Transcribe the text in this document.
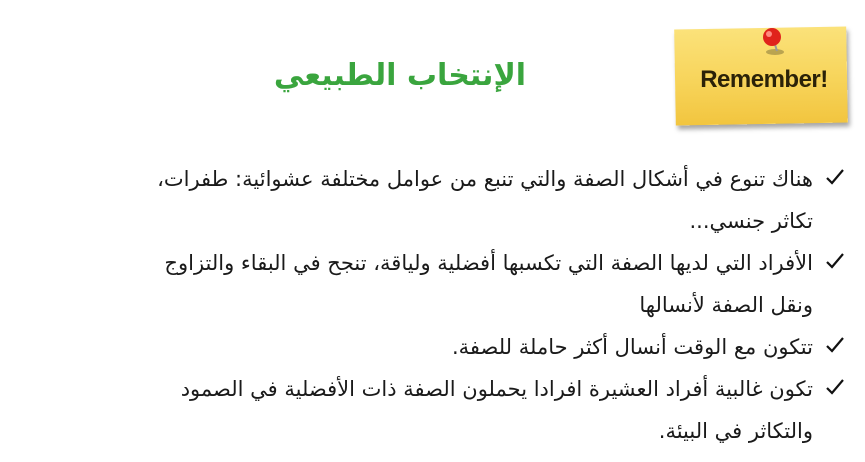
Remember!
الإنتخاب الطبيعي
هناك تنوع في أشكال الصفة والتي تنبع من عوامل مختلفة عشوائية: طفرات، تكاثر جنسي...
الأفراد التي لديها الصفة التي تكسبها أفضلية ولياقة، تنجح في البقاء والتزاوج ونقل الصفة لأنسالها
تتكون مع الوقت أنسال أكثر حاملة للصفة.
تكون غالبية أفراد العشيرة افرادا يحملون الصفة ذات الأفضلية في الصمود والتكاثر في البيئة.
